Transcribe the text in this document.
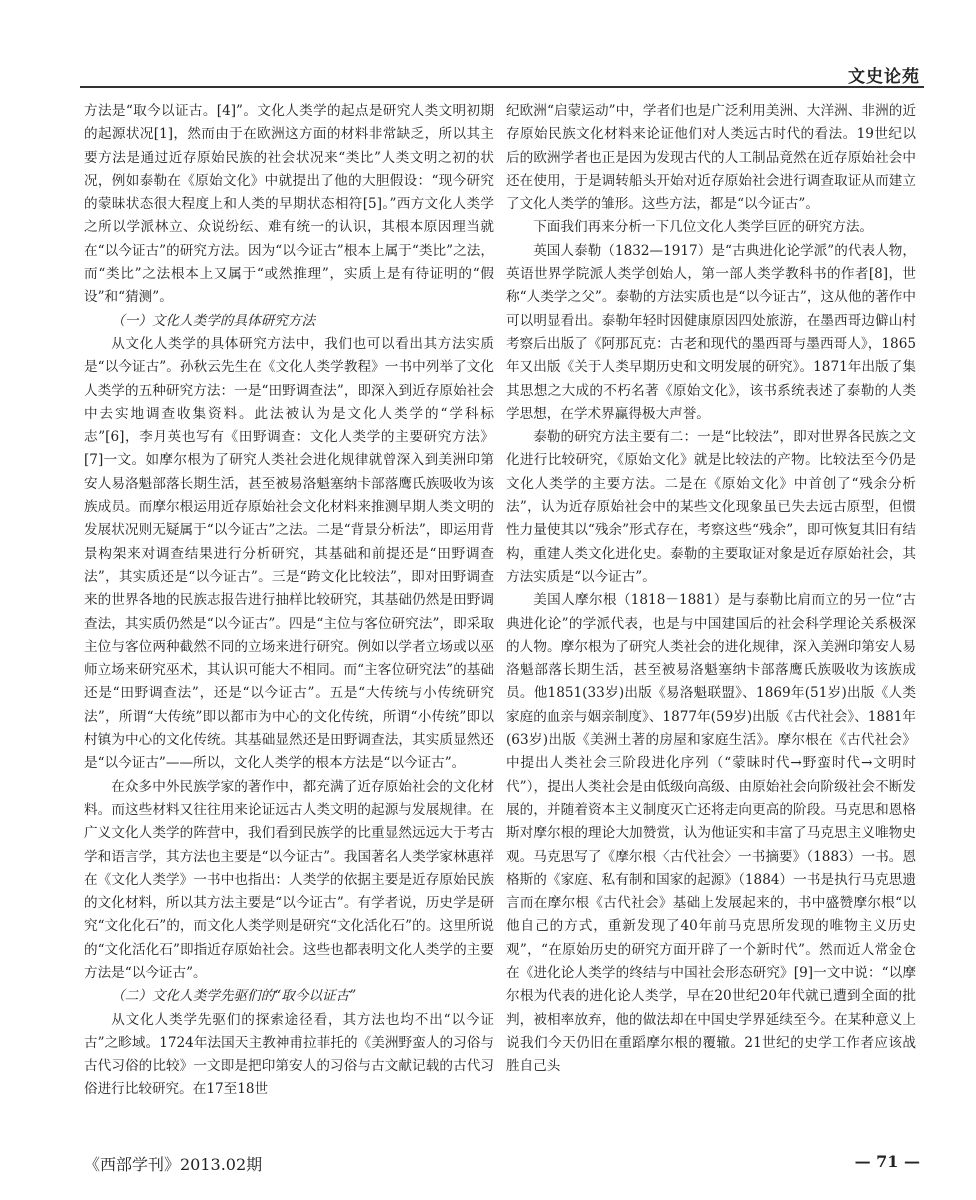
文史论苑

方法是“取今以证古。[4]”。文化人类学的起点是研究人类文明初期的起源状况[1]，然而由于在欧洲这方面的材料非常缺乏，所以其主要方法是通过近存原始民族的社会状况来“类比”人类文明之初的状况，例如泰勒在《原始文化》中就提出了他的大胆假设：“现今研究的蒙昧状态很大程度上和人类的早期状态相符[5]。”西方文化人类学之所以学派林立、众说纷纭、难有统一的认识，其根本原因理当就在“以今证古”的研究方法。因为“以今证古”根本上属于“类比”之法，而“类比”之法根本上又属于“或然推理”，实质上是有待证明的“假设”和“猜测”。

（一）文化人类学的具体研究方法

从文化人类学的具体研究方法中，我们也可以看出其方法实质是“以今证古”。孙秋云先生在《文化人类学教程》一书中列举了文化人类学的五种研究方法：一是“田野调查法”，即深入到近存原始社会中去实地调查收集资料。此法被认为是文化人类学的“学科标志”[6]，李月英也写有《田野调查：文化人类学的主要研究方法》[7]一文。如摩尔根为了研究人类社会进化规律就曾深入到美洲印第安人易洛魁部落长期生活，甚至被易洛魁塞纳卡部落鹰氏族吸收为该族成员。而摩尔根运用近存原始社会文化材料来推测早期人类文明的发展状况则无疑属于“以今证古”之法。二是“背景分析法”，即运用背景构架来对调查结果进行分析研究，其基础和前提还是“田野调查法”，其实质还是“以今证古”。三是“跨文化比较法”，即对田野调查来的世界各地的民族志报告进行抽样比较研究，其基础仍然是田野调查法，其实质仍然是“以今证古”。四是“主位与客位研究法”，即采取主位与客位两种截然不同的立场来进行研究。例如以学者立场或以巫师立场来研究巫术，其认识可能大不相同。而“主客位研究法”的基础还是“田野调查法”，还是“以今证古”。五是“大传统与小传统研究法”，所谓“大传统”即以都市为中心的文化传统，所谓“小传统”即以村镇为中心的文化传统。其基础显然还是田野调查法，其实质显然还是“以今证古”——所以，文化人类学的根本方法是“以今证古”。

在众多中外民族学家的著作中，都充满了近存原始社会的文化材料。而这些材料又往往用来论证远古人类文明的起源与发展规律。在广义文化人类学的阵营中，我们看到民族学的比重显然远远大于考古学和语言学，其方法也主要是“以今证古”。我国著名人类学家林惠祥在《文化人类学》一书中也指出：人类学的依据主要是近存原始民族的文化材料，所以其方法主要是“以今证古”。有学者说，历史学是研究“文化化石”的，而文化人类学则是研究“文化活化石”的。这里所说的“文化活化石”即指近存原始社会。这些也都表明文化人类学的主要方法是“以今证古”。

（二）文化人类学先驱们的“取今以证古”

从文化人类学先驱们的探索途径看，其方法也均不出“以今证古”之畛域。1724年法国天主教神甫拉菲托的《美洲野蛮人的习俗与古代习俗的比较》一文即是把印第安人的习俗与古文献记载的古代习俗进行比较研究。在17至18世

纪欧洲“启蒙运动”中，学者们也是广泛利用美洲、大洋洲、非洲的近存原始民族文化材料来论证他们对人类远古时代的看法。19世纪以后的欧洲学者也正是因为发现古代的人工制品竟然在近存原始社会中还在使用，于是调转船头开始对近存原始社会进行调查取证从而建立了文化人类学的雏形。这些方法，都是“以今证古”。

下面我们再来分析一下几位文化人类学巨匠的研究方法。

英国人泰勒（1832—1917）是“古典进化论学派”的代表人物，英语世界学院派人类学创始人，第一部人类学教科书的作者[8]，世称“人类学之父”。泰勒的方法实质也是“以今证古”，这从他的著作中可以明显看出。泰勒年轻时因健康原因四处旅游，在墨西哥边僻山村考察后出版了《阿那瓦克：古老和现代的墨西哥与墨西哥人》，1865年又出版《关于人类早期历史和文明发展的研究》。1871年出版了集其思想之大成的不朽名著《原始文化》，该书系统表述了泰勒的人类学思想，在学术界赢得极大声誉。

泰勒的研究方法主要有二：一是“比较法”，即对世界各民族之文化进行比较研究，《原始文化》就是比较法的产物。比较法至今仍是文化人类学的主要方法。二是在《原始文化》中首创了“残余分析法”，认为近存原始社会中的某些文化现象虽已失去远古原型，但惯性力量使其以“残余”形式存在，考察这些“残余”，即可恢复其旧有结构，重建人类文化进化史。泰勒的主要取证对象是近存原始社会，其方法实质是“以今证古”。

美国人摩尔根（1818－1881）是与泰勒比肩而立的另一位“古典进化论”的学派代表，也是与中国建国后的社会科学理论关系极深的人物。摩尔根为了研究人类社会的进化规律，深入美洲印第安人易洛魁部落长期生活，甚至被易洛魁塞纳卡部落鹰氏族吸收为该族成员。他1851(33岁)出版《易洛魁联盟》、1869年(51岁)出版《人类家庭的血亲与姻亲制度》、1877年(59岁)出版《古代社会》、1881年(63岁)出版《美洲土著的房屋和家庭生活》。摩尔根在《古代社会》中提出人类社会三阶段进化序列（“蒙昧时代→野蛮时代→文明时代”），提出人类社会是由低级向高级、由原始社会向阶级社会不断发展的，并随着资本主义制度灭亡还将走向更高的阶段。马克思和恩格斯对摩尔根的理论大加赞赏，认为他证实和丰富了马克思主义唯物史观。马克思写了《摩尔根〈古代社会〉一书摘要》（1883）一书。恩格斯的《家庭、私有制和国家的起源》（1884）一书是执行马克思遗言而在摩尔根《古代社会》基础上发展起来的，书中盛赞摩尔根“以他自己的方式，重新发现了40年前马克思所发现的唯物主义历史观”，“在原始历史的研究方面开辟了一个新时代”。然而近人常金仓在《进化论人类学的终结与中国社会形态研究》[9]一文中说：“以摩尔根为代表的进化论人类学，早在20世纪20年代就已遭到全面的批判，被相率放弃，他的做法却在中国史学界延续至今。在某种意义上说我们今天仍旧在重蹈摩尔根的覆辙。21世纪的史学工作者应该战胜自己头

《西部学刊》2013.02期	— 71 —
